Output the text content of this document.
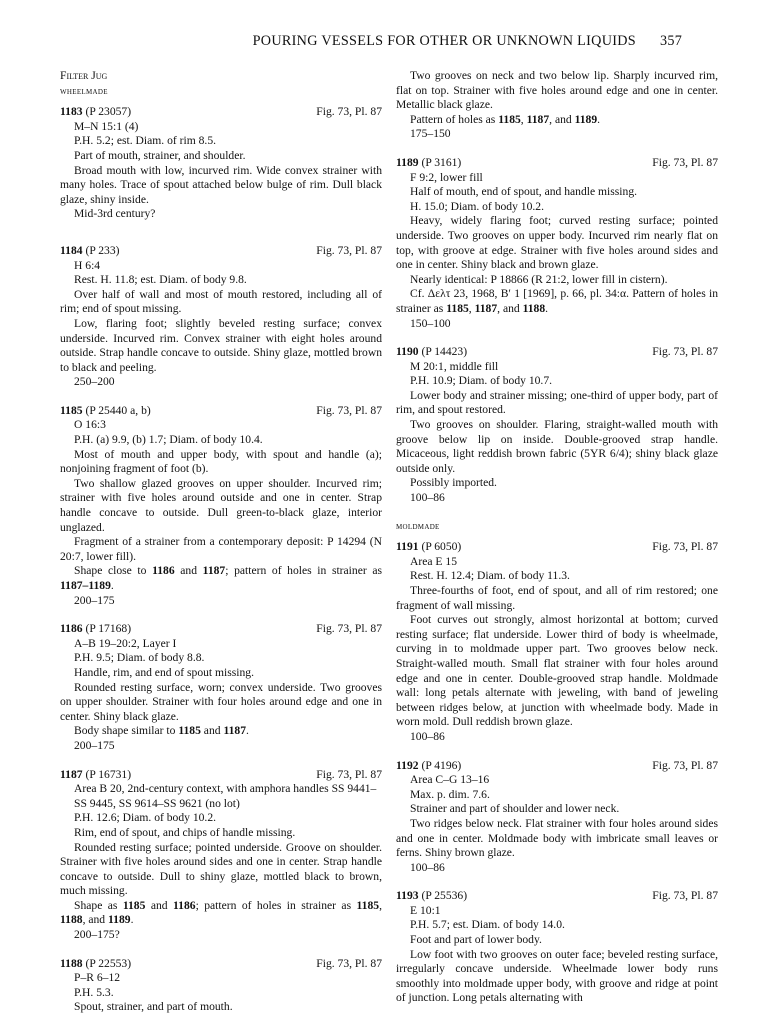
POURING VESSELS FOR OTHER OR UNKNOWN LIQUIDS 357
Filter Jug
wheelmade
1183 (P 23057)	Fig. 73, Pl. 87
M–N 15:1 (4)
P.H. 5.2; est. Diam. of rim 8.5.
Part of mouth, strainer, and shoulder.
Broad mouth with low, incurved rim. Wide convex strainer with many holes. Trace of spout attached below bulge of rim. Dull black glaze, shiny inside.
Mid-3rd century?
1184 (P 233)	Fig. 73, Pl. 87
H 6:4
Rest. H. 11.8; est. Diam. of body 9.8.
Over half of wall and most of mouth restored, including all of rim; end of spout missing.
Low, flaring foot; slightly beveled resting surface; convex underside. Incurved rim. Convex strainer with eight holes around outside. Strap handle concave to outside. Shiny glaze, mottled brown to black and peeling.
250–200
1185 (P 25440 a, b)	Fig. 73, Pl. 87
O 16:3
P.H. (a) 9.9, (b) 1.7; Diam. of body 10.4.
Most of mouth and upper body, with spout and handle (a); nonjoining fragment of foot (b).
Two shallow glazed grooves on upper shoulder. Incurved rim; strainer with five holes around outside and one in center. Strap handle concave to outside. Dull green-to-black glaze, interior unglazed.
Fragment of a strainer from a contemporary deposit: P 14294 (N 20:7, lower fill).
Shape close to 1186 and 1187; pattern of holes in strainer as 1187–1189.
200–175
1186 (P 17168)	Fig. 73, Pl. 87
A–B 19–20:2, Layer I
P.H. 9.5; Diam. of body 8.8.
Handle, rim, and end of spout missing.
Rounded resting surface, worn; convex underside. Two grooves on upper shoulder. Strainer with four holes around edge and one in center. Shiny black glaze.
Body shape similar to 1185 and 1187.
200–175
1187 (P 16731)	Fig. 73, Pl. 87
Area B 20, 2nd-century context, with amphora handles SS 9441–SS 9445, SS 9614–SS 9621 (no lot)
P.H. 12.6; Diam. of body 10.2.
Rim, end of spout, and chips of handle missing.
Rounded resting surface; pointed underside. Groove on shoulder. Strainer with five holes around sides and one in center. Strap handle concave to outside. Dull to shiny glaze, mottled black to brown, much missing.
Shape as 1185 and 1186; pattern of holes in strainer as 1185, 1188, and 1189.
200–175?
1188 (P 22553)	Fig. 73, Pl. 87
P–R 6–12
P.H. 5.3.
Spout, strainer, and part of mouth.
Two grooves on neck and two below lip. Sharply incurved rim, flat on top. Strainer with five holes around edge and one in center. Metallic black glaze.
Pattern of holes as 1185, 1187, and 1189.
175–150
1189 (P 3161)	Fig. 73, Pl. 87
F 9:2, lower fill
Half of mouth, end of spout, and handle missing.
H. 15.0; Diam. of body 10.2.
Heavy, widely flaring foot; curved resting surface; pointed underside. Two grooves on upper body. Incurved rim nearly flat on top, with groove at edge. Strainer with five holes around sides and one in center. Shiny black and brown glaze.
Nearly identical: P 18866 (R 21:2, lower fill in cistern).
Cf. Δελτ 23, 1968, Β′ 1 [1969], p. 66, pl. 34:α. Pattern of holes in strainer as 1185, 1187, and 1188.
150–100
1190 (P 14423)	Fig. 73, Pl. 87
M 20:1, middle fill
P.H. 10.9; Diam. of body 10.7.
Lower body and strainer missing; one-third of upper body, part of rim, and spout restored.
Two grooves on shoulder. Flaring, straight-walled mouth with groove below lip on inside. Double-grooved strap handle. Micaceous, light reddish brown fabric (5YR 6/4); shiny black glaze outside only.
Possibly imported.
100–86
moldmade
1191 (P 6050)	Fig. 73, Pl. 87
Area E 15
Rest. H. 12.4; Diam. of body 11.3.
Three-fourths of foot, end of spout, and all of rim restored; one fragment of wall missing.
Foot curves out strongly, almost horizontal at bottom; curved resting surface; flat underside. Lower third of body is wheelmade, curving in to moldmade upper part. Two grooves below neck. Straight-walled mouth. Small flat strainer with four holes around edge and one in center. Double-grooved strap handle. Moldmade wall: long petals alternate with jeweling, with band of jeweling between ridges below, at junction with wheelmade body. Made in worn mold. Dull reddish brown glaze.
100–86
1192 (P 4196)	Fig. 73, Pl. 87
Area C–G 13–16
Max. p. dim. 7.6.
Strainer and part of shoulder and lower neck.
Two ridges below neck. Flat strainer with four holes around sides and one in center. Moldmade body with imbricate small leaves or ferns. Shiny brown glaze.
100–86
1193 (P 25536)	Fig. 73, Pl. 87
E 10:1
P.H. 5.7; est. Diam. of body 14.0.
Foot and part of lower body.
Low foot with two grooves on outer face; beveled resting surface, irregularly concave underside. Wheelmade lower body runs smoothly into moldmade upper body, with groove and ridge at point of junction. Long petals alternating with
